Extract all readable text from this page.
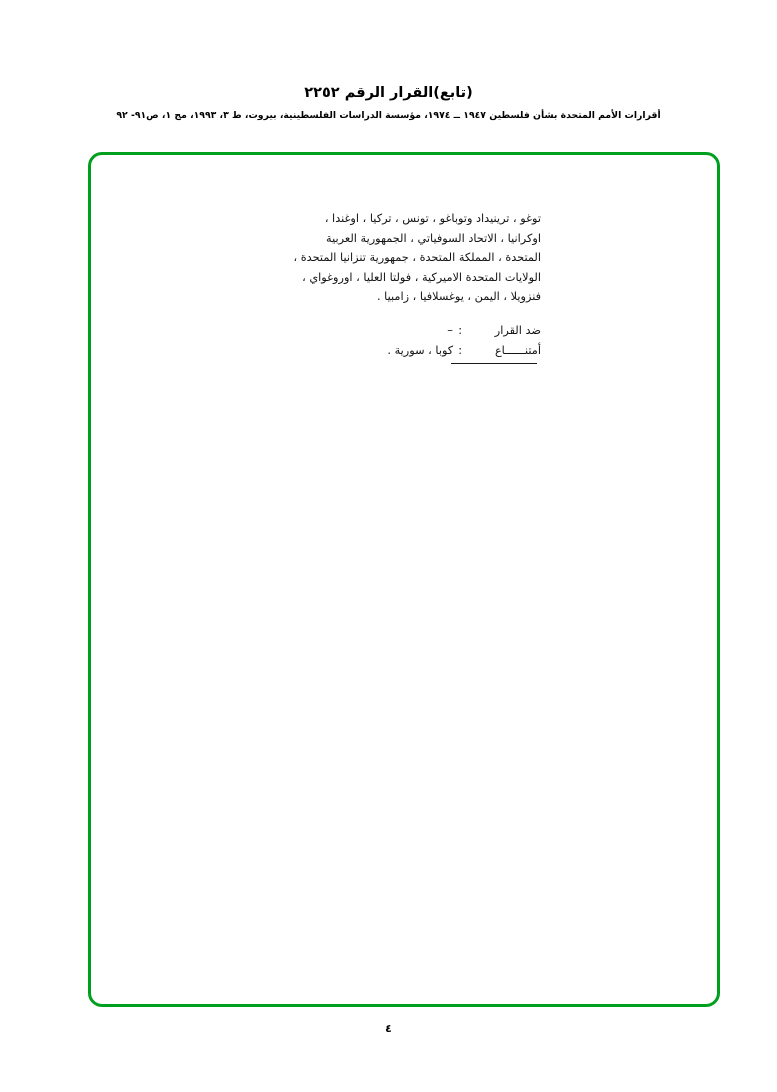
(تابع)القرار الرقم ٢٢٥٢
أقرارات الأمم المتحدة بشأن فلسطين ١٩٤٧ ــ ١٩٧٤، مؤسسة الدراسات الفلسطينية، بيروت، ط ٣، ١٩٩٣، مج ١، ص٩١- ٩٢

توغو ، ترينيداد وتوباغو ، تونس ، تركيا ، اوغندا ،

اوكرانيا ، الاتحاد السوفياتي ، الجمهورية العربية

المتحدة ، المملكة المتحدة ، جمهورية تنزانيا المتحدة ،

الولايات المتحدة الاميركية ، فولتا العليا ، اوروغواي ،

فنزويلا ، اليمن ، يوغسلافيا ، زامبيا .

ضد القرار
:
–
أمتنــــــاع
:
كوبا ، سورية .
٤
